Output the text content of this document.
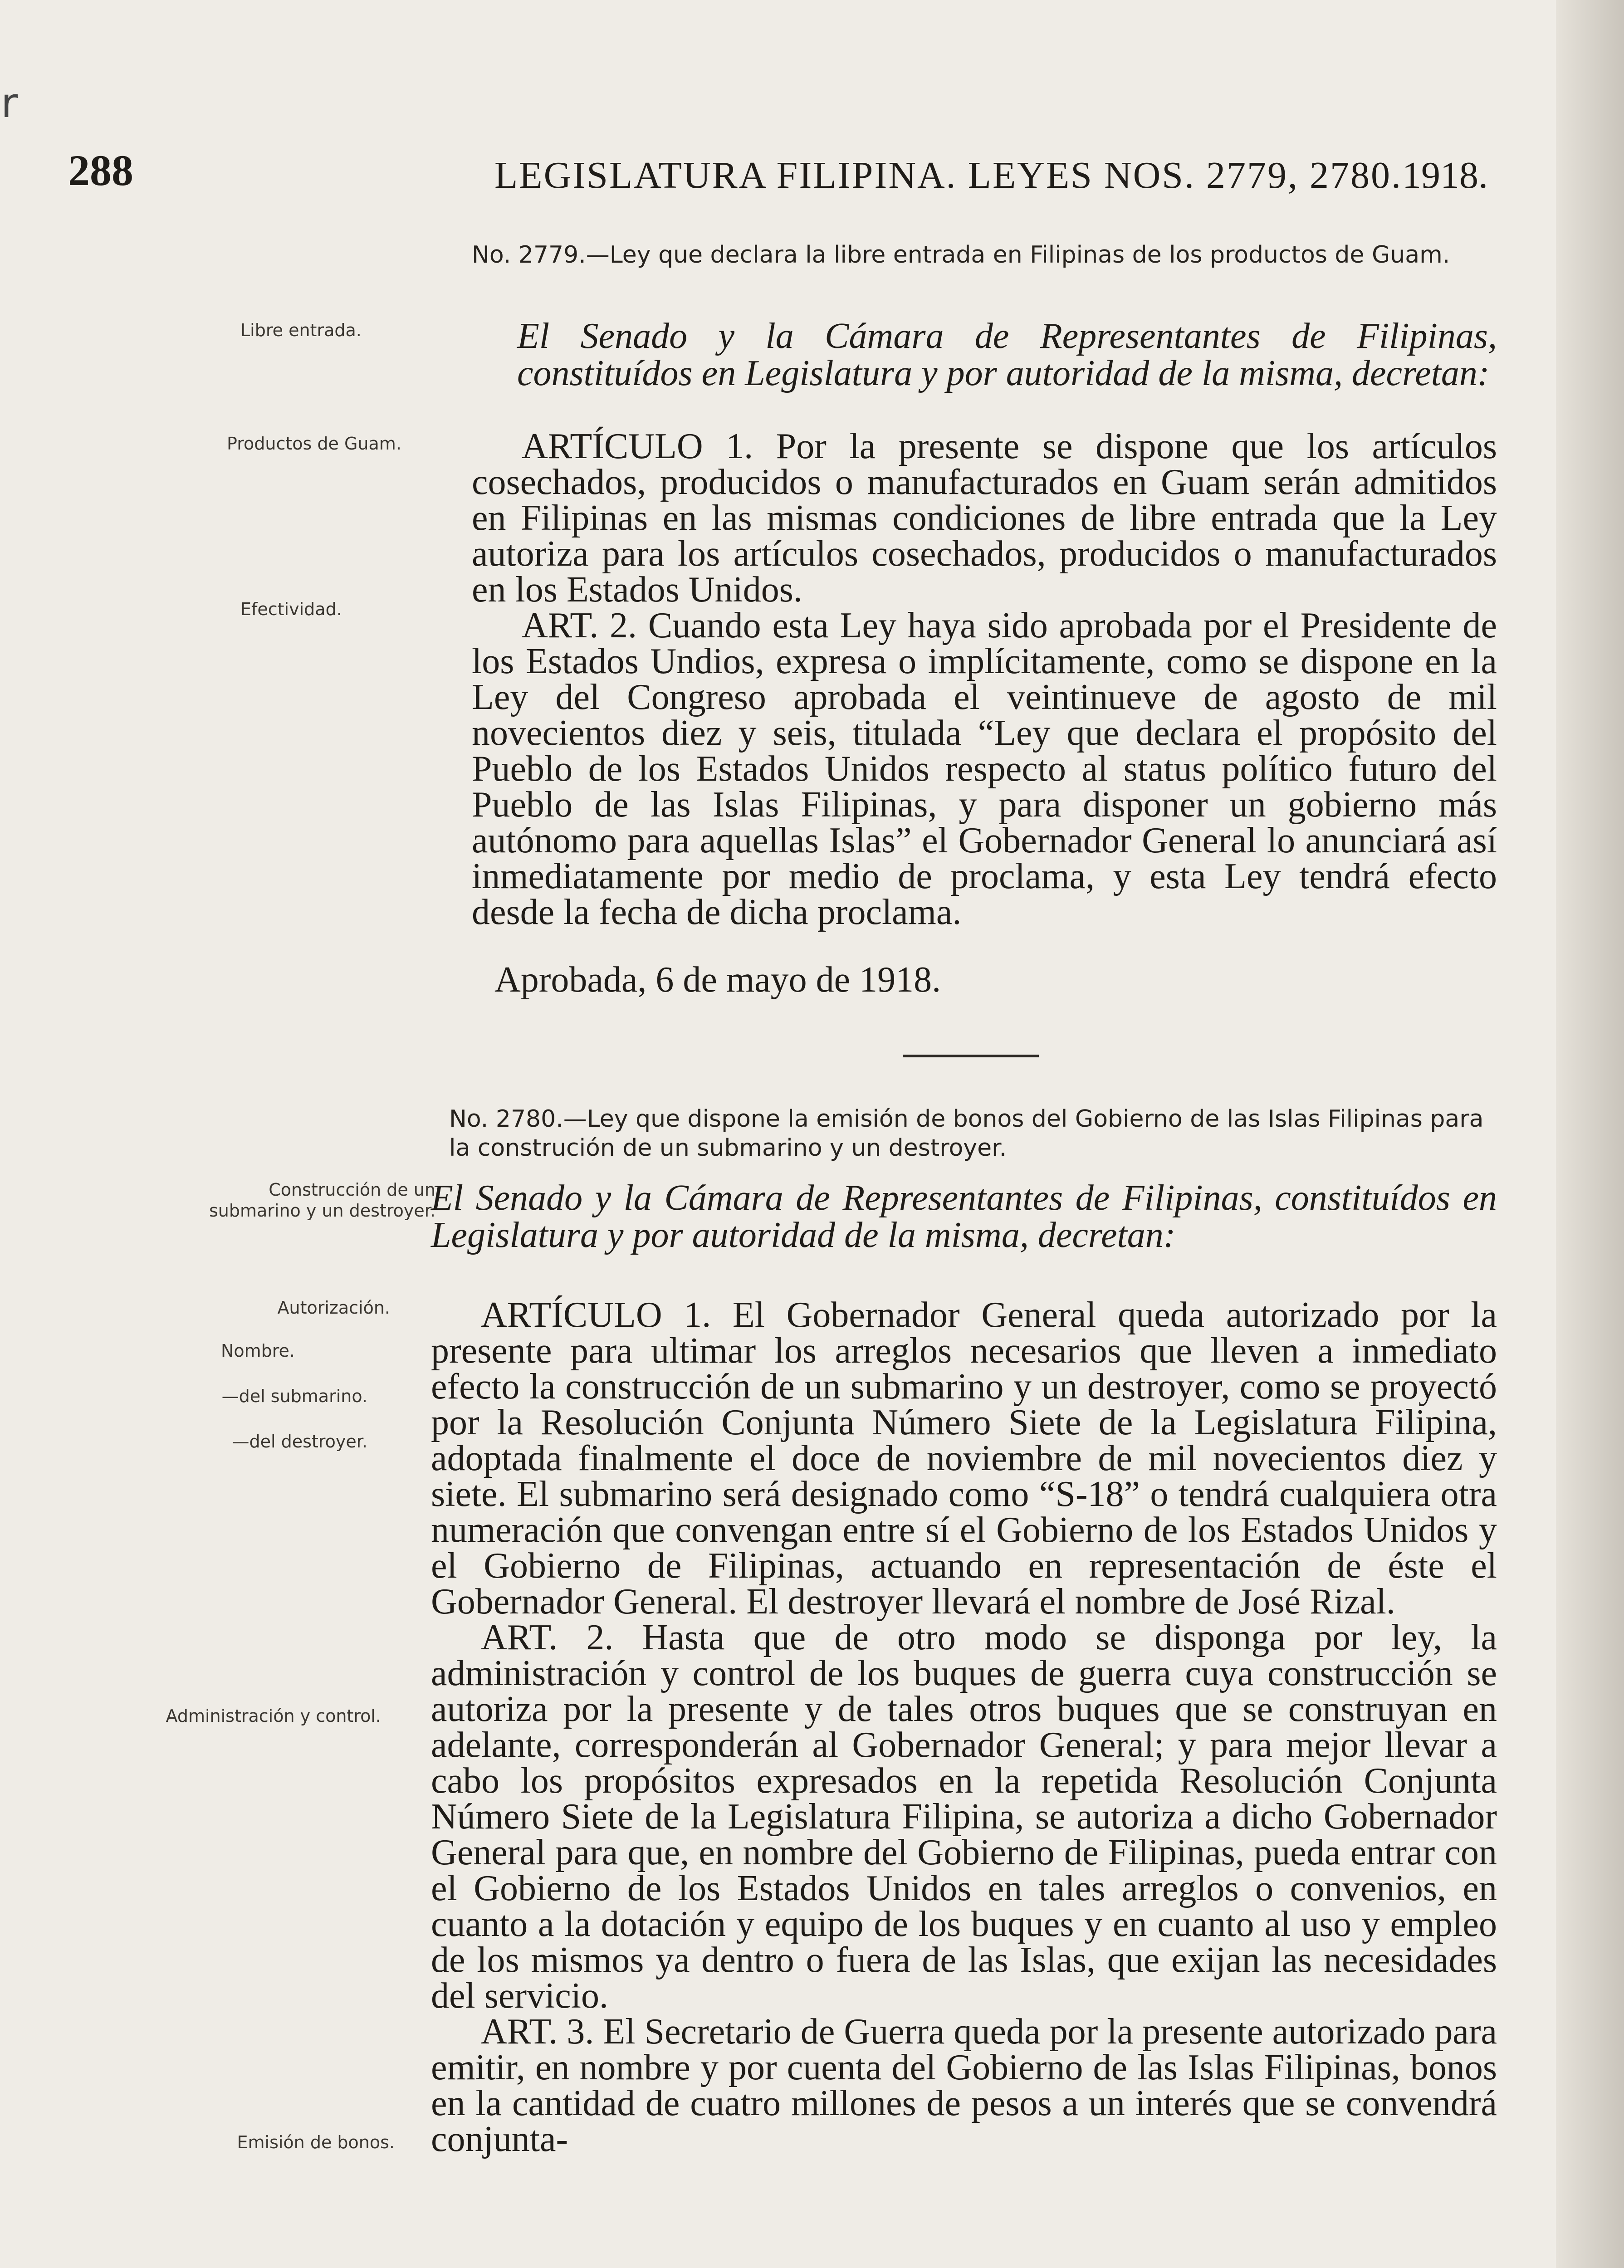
r
288	LEGISLATURA FILIPINA. LEYES NOS. 2779, 2780. 1918.
No. 2779.—Ley que declara la libre entrada en Filipinas de los productos de Guam.
Libre entrada.	El Senado y la Cámara de Representantes de Filipinas, constituídos en Legislatura y por autoridad de la misma, decretan:
Productos de Guam.
Efectividad.

ARTÍCULO 1. Por la presente se dispone que los artículos cosechados, producidos o manufacturados en Guam serán admitidos en Filipinas en las mismas condiciones de libre entrada que la Ley autoriza para los artículos cosechados, producidos o manufacturados en los Estados Unidos.

ART. 2. Cuando esta Ley haya sido aprobada por el Presidente de los Estados Undios, expresa o implícitamente, como se dispone en la Ley del Congreso aprobada el veintinueve de agosto de mil novecientos diez y seis, titulada “Ley que declara el propósito del Pueblo de los Estados Unidos respecto al status político futuro del Pueblo de las Islas Filipinas, y para disponer un gobierno más autónomo para aquellas Islas” el Gobernador General lo anunciará así inmediatamente por medio de proclama, y esta Ley tendrá efecto desde la fecha de dicha proclama.

Aprobada, 6 de mayo de 1918.
No. 2780.—Ley que dispone la emisión de bonos del Gobierno de las Islas Filipinas para la construción de un submarino y un destroyer.
Construcción de un submarino y un destroyer.
El Senado y la Cámara de Representantes de Filipinas, constituídos en Legislatura y por autoridad de la misma, decretan:
Autorización.
Nombre.
—del submarino.
—del destroyer.
Administración y control.
Emisión de bonos.

ARTÍCULO 1. El Gobernador General queda autorizado por la presente para ultimar los arreglos necesarios que lleven a inmediato efecto la construcción de un submarino y un destroyer, como se proyectó por la Resolución Conjunta Número Siete de la Legislatura Filipina, adoptada finalmente el doce de noviembre de mil novecientos diez y siete. El submarino será designado como “S-18” o tendrá cualquiera otra numeración que convengan entre sí el Gobierno de los Estados Unidos y el Gobierno de Filipinas, actuando en representación de éste el Gobernador General. El destroyer llevará el nombre de José Rizal.

ART. 2. Hasta que de otro modo se disponga por ley, la administración y control de los buques de guerra cuya construcción se autoriza por la presente y de tales otros buques que se construyan en adelante, corresponderán al Gobernador General; y para mejor llevar a cabo los propósitos expresados en la repetida Resolución Conjunta Número Siete de la Legislatura Filipina, se autoriza a dicho Gobernador General para que, en nombre del Gobierno de Filipinas, pueda entrar con el Gobierno de los Estados Unidos en tales arreglos o convenios, en cuanto a la dotación y equipo de los buques y en cuanto al uso y empleo de los mismos ya dentro o fuera de las Islas, que exijan las necesidades del servicio.

ART. 3. El Secretario de Guerra queda por la presente autorizado para emitir, en nombre y por cuenta del Gobierno de las Islas Filipinas, bonos en la cantidad de cuatro millones de pesos a un interés que se convendrá conjunta-
